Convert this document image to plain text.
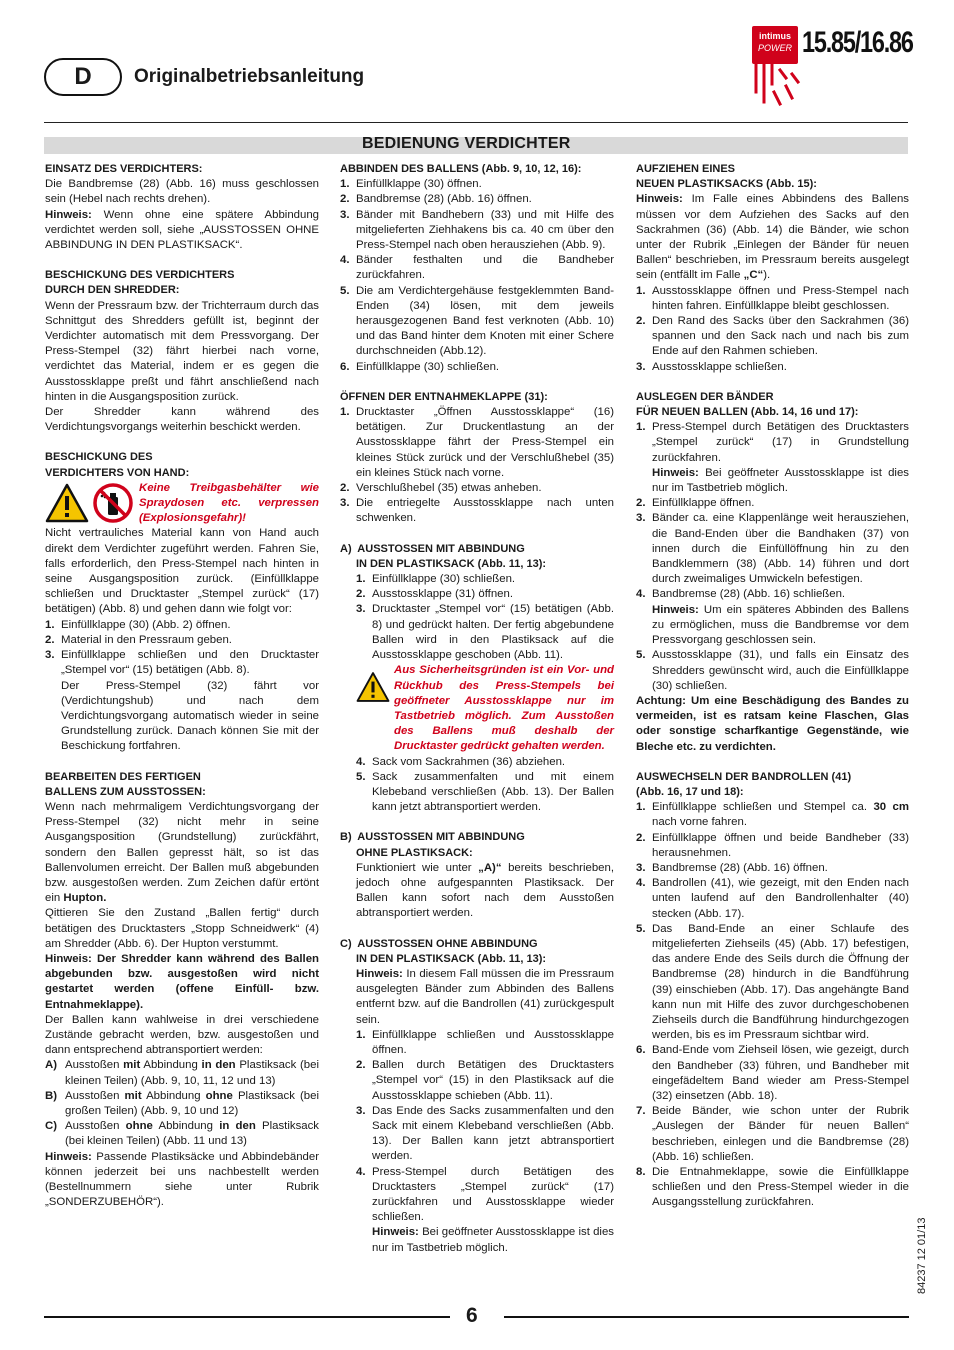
D	Originalbetriebsanleitung
intimus
POWER 15.85/16.86
BEDIENUNG VERDICHTER

EINSATZ DES VERDICHTERS:

Die Bandbremse (28) (Abb. 16) muss geschlossen sein (Hebel nach rechts drehen).

Hinweis: Wenn ohne eine spätere Abbindung verdichtet werden soll, siehe „AUSSTOSSEN OHNE ABBINDUNG IN DEN PLASTIKSACK“.

BESCHICKUNG DES VERDICHTERS

DURCH DEN SHREDDER:

Wenn der Pressraum bzw. der Trichterraum durch das Schnittgut des Shredders gefüllt ist, beginnt der Verdichter automatisch mit dem Pressvorgang. Der Press-Stempel (32) fährt hierbei nach vorne, verdichtet das Material, indem er es gegen die Ausstossklappe preßt und fährt anschließend nach hinten in die Ausgangsposition zurück.

Der Shredder kann während des Verdichtungsvorgangs weiterhin beschickt werden.

BESCHICKUNG DES

VERDICHTERS VON HAND:

Keine Treibgasbehälter wie Spraydosen etc. verpressen (Explosionsgefahr)!

Nicht vertrauliches Material kann von Hand auch direkt dem Verdichter zugeführt werden. Fahren Sie, falls erforderlich, den Press-Stempel nach hinten in seine Ausgangsposition zurück. (Einfüllklappe schließen und Drucktaster „Stempel zurück“ (17) betätigen) (Abb. 8) und gehen dann wie folgt vor:

1. Einfüllklappe (30) (Abb. 2) öffnen.
2. Material in den Pressraum geben.
3. Einfüllklappe schließen und den Drucktaster „Stempel vor“ (15) betätigen (Abb. 8).

Der Press-Stempel (32) fährt vor (Verdichtungshub) und nach dem Verdichtungsvorgang automatisch wieder in seine Grundstellung zurück. Danach können Sie mit der Beschickung fortfahren.

BEARBEITEN DES FERTIGEN

BALLENS ZUM AUSSTOSSEN:

Wenn nach mehrmaligem Verdichtungsvorgang der Press-Stempel (32) nicht mehr in seine Ausgangsposition (Grundstellung) zurückfährt, sondern den Ballen gepresst hält, so ist das Ballenvolumen erreicht. Der Ballen muß abgebunden bzw. ausgestoßen werden. Zum Zeichen dafür ertönt ein Hupton.

Qittieren Sie den Zustand „Ballen fertig“ durch betätigen des Drucktasters „Stopp Schneidwerk“ (4) am Shredder (Abb. 6). Der Hupton verstummt.

Hinweis: Der Shredder kann während des Ballen abgebunden bzw. ausgestoßen wird nicht gestartet werden (offene Einfüll- bzw. Entnahmeklappe).

Der Ballen kann wahlweise in drei verschiedene Zustände gebracht werden, bzw. ausgestoßen und dann entsprechend abtransportiert werden:

A) Ausstoßen mit Abbindung in den Plastiksack (bei kleinen Teilen) (Abb. 9, 10, 11, 12 und 13)
B) Ausstoßen mit Abbindung ohne Plastiksack (bei großen Teilen) (Abb. 9, 10 und 12)
C) Ausstoßen ohne Abbindung in den Plastiksack (bei kleinen Teilen) (Abb. 11 und 13)

Hinweis: Passende Plastiksäcke und Abbindebänder können jederzeit bei uns nachbestellt werden (Bestellnummern siehe unter Rubrik „SONDERZUBEHÖR“).

ABBINDEN DES BALLENS (Abb. 9, 10, 12, 16):

1. Einfüllklappe (30) öffnen.
2. Bandbremse (28) (Abb. 16) öffnen.
3. Bänder mit Bandhebern (33) und mit Hilfe des mitgelieferten Ziehhakens bis ca. 40 cm über den Press-Stempel nach oben herausziehen (Abb. 9).
4. Bänder festhalten und die Bandheber zurückfahren.
5. Die am Verdichtergehäuse festgeklemmten Band-Enden (34) lösen, mit dem jeweils herausgezogenen Band fest verknoten (Abb. 10) und das Band hinter dem Knoten mit einer Schere durchschneiden (Abb.12).
6. Einfüllklappe (30) schließen.

ÖFFNEN DER ENTNAHMEKLAPPE (31):

1. Drucktaster „Öffnen Ausstossklappe“ (16) betätigen. Zur Druckentlastung an der Ausstossklappe fährt der Press-Stempel ein kleines Stück zurück und der Verschlußhebel (35) ein kleines Stück nach vorne.
2. Verschlußhebel (35) etwas anheben.
3. Die entriegelte Ausstossklappe nach unten schwenken.

A)  AUSSTOSSEN MIT ABBINDUNG

IN DEN PLASTIKSACK (Abb. 11, 13):

1. Einfüllklappe (30) schließen.
2. Ausstossklappe (31) öffnen.
3. Drucktaster „Stempel vor“ (15) betätigen (Abb. 8) und gedrückt halten. Der fertig abgebundene Ballen wird in den Plastiksack auf die Ausstossklappe geschoben (Abb. 11).

Aus Sicherheitsgründen ist ein Vor- und Rückhub des Press-Stempels bei geöffneter Ausstossklappe nur im Tastbetrieb möglich. Zum Ausstoßen des Ballens muß deshalb der Drucktaster gedrückt gehalten werden.

4. Sack vom Sackrahmen (36) abziehen.
5. Sack zusammenfalten und mit einem Klebeband verschließen (Abb. 13). Der Ballen kann jetzt abtransportiert werden.

B)  AUSSTOSSEN MIT ABBINDUNG

OHNE PLASTIKSACK:

Funktioniert wie unter „A)“ bereits beschrieben, jedoch ohne aufgespannten Plastiksack. Der Ballen kann sofort nach dem Ausstoßen abtransportiert werden.

C)  AUSSTOSSEN OHNE ABBINDUNG

IN DEN PLASTIKSACK (Abb. 11, 13):

Hinweis: In diesem Fall müssen die im Pressraum ausgelegten Bänder zum Abbinden des Ballens entfernt bzw. auf die Bandrollen (41) zurückgespult sein.

1. Einfüllklappe schließen und Ausstossklappe öffnen.
2. Ballen durch Betätigen des Drucktasters „Stempel vor“ (15) in den Plastiksack auf die Ausstossklappe schieben (Abb. 11).
3. Das Ende des Sacks zusammenfalten und den Sack mit einem Klebeband verschließen (Abb. 13). Der Ballen kann jetzt abtransportiert werden.
4. Press-Stempel durch Betätigen des Drucktasters „Stempel zurück“ (17) zurückfahren und Ausstossklappe wieder schließen.

Hinweis: Bei geöffneter Ausstossklappe ist dies nur im Tastbetrieb möglich.

AUFZIEHEN EINES

NEUEN PLASTIKSACKS (Abb. 15):

Hinweis: Im Falle eines Abbindens des Ballens müssen vor dem Aufziehen des Sacks auf den Sackrahmen (36) (Abb. 14) die Bänder, wie schon unter der Rubrik „Einlegen der Bänder für neuen Ballen“ beschrieben, im Pressraum bereits ausgelegt sein (entfällt im Falle „C“).

1. Ausstossklappe öffnen und Press-Stempel nach hinten fahren. Einfüllklappe bleibt geschlossen.
2. Den Rand des Sacks über den Sackrahmen (36) spannen und den Sack nach und nach bis zum Ende auf den Rahmen schieben.
3. Ausstossklappe schließen.

AUSLEGEN DER BÄNDER

FÜR NEUEN BALLEN (Abb. 14, 16 und 17):

1. Press-Stempel durch Betätigen des Drucktasters „Stempel zurück“ (17) in Grundstellung zurückfahren.

Hinweis: Bei geöffneter Ausstossklappe ist dies nur im Tastbetrieb möglich.

2. Einfüllklappe öffnen.
3. Bänder ca. eine Klappenlänge weit herausziehen, die Band-Enden über die Bandhaken (37) von innen durch die Einfüllöffnung hin zu den Bandklemmern (38) (Abb. 14) führen und dort durch zweimaliges Umwickeln befestigen.
4. Bandbremse (28) (Abb. 16) schließen.

Hinweis: Um ein späteres Abbinden des Ballens zu ermöglichen, muss die Bandbremse vor dem Pressvorgang geschlossen sein.

5. Ausstossklappe (31), und falls ein Einsatz des Shredders gewünscht wird, auch die Einfüllklappe (30) schließen.

Achtung: Um eine Beschädigung des Bandes zu vermeiden, ist es ratsam keine Flaschen, Glas oder sonstige scharfkantige Gegenstände, wie Bleche etc. zu verdichten.

AUSWECHSELN DER BANDROLLEN (41)

(Abb. 16, 17 und 18):

1. Einfüllklappe schließen und Stempel ca. 30 cm nach vorne fahren.
2. Einfüllklappe öffnen und beide Bandheber (33) herausnehmen.
3. Bandbremse (28) (Abb. 16) öffnen.
4. Bandrollen (41), wie gezeigt, mit den Enden nach unten laufend auf den Bandrollenhalter (40) stecken (Abb. 17).
5. Das Band-Ende an einer Schlaufe des mitgelieferten Ziehseils (45) (Abb. 17) befestigen, das andere Ende des Seils durch die Öffnung der Bandbremse (28) hindurch in die Bandführung (39) einschieben (Abb. 17). Das angehängte Band kann nun mit Hilfe des zuvor durchgeschobenen Ziehseils durch die Bandführung hindurchgezogen werden, bis es im Pressraum sichtbar wird.
6. Band-Ende vom Ziehseil lösen, wie gezeigt, durch den Bandheber (33) führen, und Bandheber mit eingefädeltem Band wieder am Press-Stempel (32) einsetzen (Abb. 18).
7. Beide Bänder, wie schon unter der Rubrik „Auslegen der Bänder für neuen Ballen“ beschrieben, einlegen und die Bandbremse (28) (Abb. 16) schließen.
8. Die Entnahmeklappe, sowie die Einfüllklappe schließen und den Press-Stempel wieder in die Ausgangsstellung zurückfahren.
84237 12 01/13
6
